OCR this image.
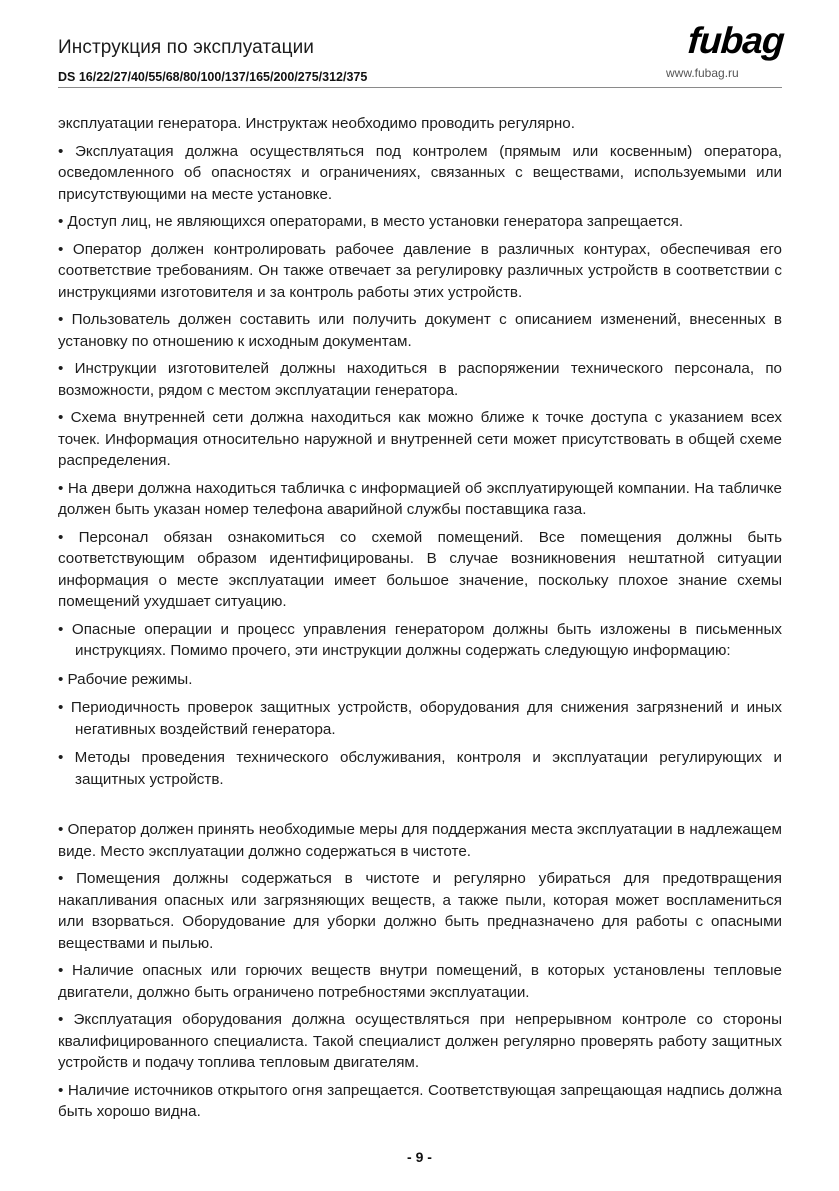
Инструкция по эксплуатации
DS 16/22/27/40/55/68/80/100/137/165/200/275/312/375
fubag
www.fubag.ru

эксплуатации генератора. Инструктаж необходимо проводить регулярно.

• Эксплуатация должна осуществляться под контролем (прямым или косвенным) оператора, осведомленного об опасностях и ограничениях, связанных с веществами, используемыми или присутствующими на месте установке.

• Доступ лиц, не являющихся операторами, в место установки генератора запрещается.

• Оператор должен контролировать рабочее давление в различных контурах, обеспечивая его соответствие требованиям. Он также отвечает за регулировку различных устройств в соответствии с инструкциями изготовителя и за контроль работы этих устройств.

• Пользователь должен составить или получить документ с описанием изменений, внесенных в установку по отношению к исходным документам.

• Инструкции изготовителей должны находиться в распоряжении технического персонала, по возможности, рядом с местом эксплуатации генератора.

• Схема внутренней сети должна находиться как можно ближе к точке доступа с указанием всех точек. Информация относительно наружной и внутренней сети может присутствовать в общей схеме распределения.

• На двери должна находиться табличка с информацией об эксплуатирующей компании. На табличке должен быть указан номер телефона аварийной службы поставщика газа.

• Персонал обязан ознакомиться со схемой помещений. Все помещения должны быть соответствующим образом идентифицированы. В случае возникновения нештатной ситуации информация о месте эксплуатации имеет большое значение, поскольку плохое знание схемы помещений ухудшает ситуацию.

• Опасные операции и процесс управления генератором должны быть изложены в письменных инструкциях. Помимо прочего, эти инструкции должны содержать следующую информацию:

• Рабочие режимы.

• Периодичность проверок защитных устройств, оборудования для снижения загрязнений и иных негативных воздействий генератора.

• Методы проведения технического обслуживания, контроля и эксплуатации регулирующих и защитных устройств.

• Оператор должен принять необходимые меры для поддержания места эксплуатации в надлежащем виде. Место эксплуатации должно содержаться в чистоте.

• Помещения должны содержаться в чистоте и регулярно убираться для предотвращения накапливания опасных или загрязняющих веществ, а также пыли, которая может воспламениться или взорваться. Оборудование для уборки должно быть предназначено для работы с опасными веществами и пылью.

• Наличие опасных или горючих веществ внутри помещений, в которых установлены тепловые двигатели, должно быть ограничено потребностями эксплуатации.

• Эксплуатация оборудования должна осуществляться при непрерывном контроле со стороны квалифицированного специалиста. Такой специалист должен регулярно проверять работу защитных устройств и подачу топлива тепловым двигателям.

• Наличие источников открытого огня запрещается. Соответствующая запрещающая надпись должна быть хорошо видна.

- 9 -
